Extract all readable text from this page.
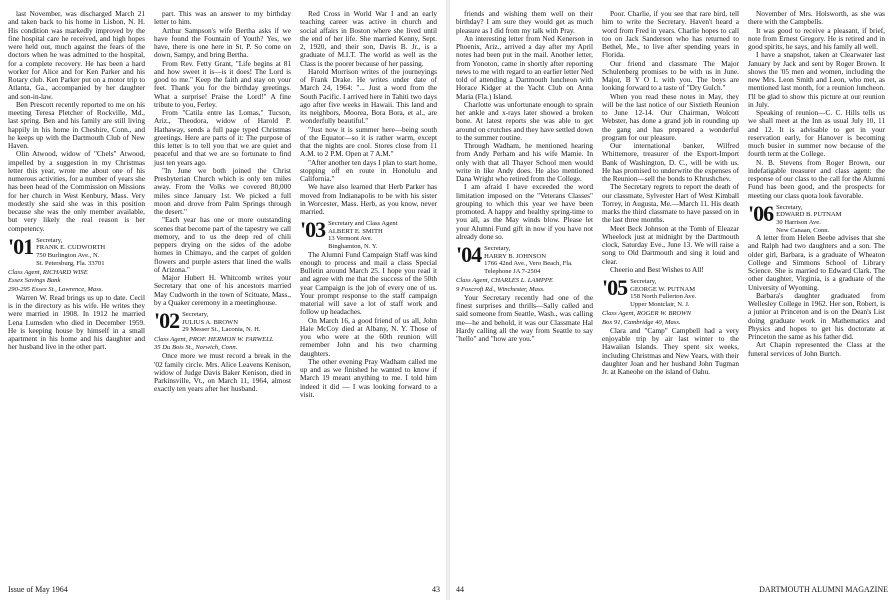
last November, was discharged March 21 and taken back to his home in Lisbon, N. H. His condition was markedly improved by the fine hospital care he received, and high hopes were held out, much against the fears of the doctors when he was admitted to the hospital, for a complete recovery. He has been a hard worker for Alice and for Ken Parker and his Rotary club. Ken Parker put on a motor trip to Atlanta, Ga., accompanied by her daughter and son-in-law.

Ben Prescott recently reported to me on his meeting Teresa Pletcher of Rockville, Md., last spring. Ben and his family are still living happily in his home in Cheshire, Conn., and he keeps up with the Dartmouth Club of New Haven.

Olin Atwood, widow of "Chels" Atwood, impelled by a suggestion in my Christmas letter this year, wrote me about one of his numerous activities, for a number of years she has been head of the Commission on Missions for her church in West Kenbury, Mass. Very modestly she said she was in this position because she was the only member available, but very likely the real reason is her competency.

'01 Secretary,
FRANK E. CUDWORTH
750 Burlington Ave., N.
St. Petersburg, Fla. 33701
Class Agent, RICHARD WISE
Essex Savings Bank
290-295 Essex St., Lawrence, Mass.

Warren W. Read brings us up to date. Cecil is in the directory as his wife. He writes they were married in 1908. In 1912 he married Lena Lumsden who died in December 1959. He is keeping house by himself in a small apartment in his home and his daughter and her husband live in the other part.

part. This was an answer to my birthday letter to him.

Arthur Sampson's wife Bertha asks if we have found the Fountain of Youth? Yes, we have, there is one here in St. P. So come on down, Sampy, and bring Bertha.

From Rev. Fetty Grant, "Life begins at 81 and how sweet it is—is it does! The Lord is good to me." Keep the faith and stay on your feet. Thank you for the birthday greetings. What a surprise! Praise the Lord!" A fine tribute to you, Ferley.

From "Catila entre las Lomas," Tucson, Ariz., Theodora, widow of Harold P. Hathaway, sends a full page typed Christmas greetings. Here are parts of it: The purpose of this letter is to tell you that we are quiet and peaceful and that we are so fortunate to find just ten years ago.

"In June we both joined the Christ Presbyterian Church which is only ten miles away. From the Volks we covered 80,000 miles since January 1st. We picked a full moon and drove from Palm Springs through the desert."

"Each year has one or more outstanding scenes that become part of the tapestry we call memory, and to us the deep red of chili peppers drying on the sides of the adobe homes in Chimayo, and the carpet of golden flowers and purple asters that lined the walls of Arizona."

Major Hubert H. Whitcomb writes your Secretary that one of his ancestors married May Cudworth in the town of Scituate, Mass., by a Quaker ceremony in a meetinghouse.

'02 Secretary,
JULIUS A. BROWN
29 Messer St., Laconia, N. H.
Class Agent, PROF. HERMON W. FARWELL
35 Du Bois St., Norwich, Conn.

Once more we must record a break in the '02 family circle. Mrs. Alice Leavens Kenison, widow of Judge Davis Baker Kenison, died in Parkinsville, Vt., on March 11, 1964, almost exactly ten years after her husband.

Red Cross in World War I and an early teaching career was active in church and social affairs in Boston where she lived until the end of her life. She married Kenny, Sept. 2, 1920, and their son, Davis B. Jr., is a graduate of M.I.T. The world as well as the Class is the poorer because of her passing.

Harold Morrison writes of the journeyings of Frank Drake. He writes under date of March 24, 1964: "... Just a word from the South Pacific. I arrived here in Tahiti two days ago after five weeks in Hawaii. This land and its neighbors, Moorea, Bora Bora, et al., are wonderfully beautiful."

"Just now it is summer here—being south of the Equator—so it is rather warm, except that the nights are cool. Stores close from 11 A.M. to 2 P.M. Open at 7 A.M."

"After another ten days I plan to start home, stopping off en route in Honolulu and California."

We have also learned that Herb Parker has moved from Indianapolis to be with his sister in Worcester, Mass. Herb, as you know, never married.

'03 Secretary and Class Agent
ALBERT E. SMITH
13 Vermont Ave.
Binghamton, N. Y.

The Alumni Fund Campaign Staff was kind enough to process and mail a class Special Bulletin around March 25. I hope you read it and agree with me that the success of the 50th year Campaign is the job of every one of us. Your prompt response to the staff campaign material will save a lot of staff work and follow up headaches.

On March 16, a good friend of us all, John Hale McCoy died at Albany, N. Y. Those of you who were at the 60th reunion will remember John and his two charming daughters.

The other evening Pray Wadham called me up and as we finished he wanted to know if March 19 meant anything to me. I told him indeed it did — I was looking forward to a visit.

Issue of May 1964	43

friends and wishing them well on their birthday? I am sure they would get as much pleasure as I did from my talk with Pray.

An interesting letter from Ned Kenerson in Phoenix, Ariz., arrived a day after my April notes had been put in the mail. Another letter, from Yonoton, came in shortly after reporting news to me with regard to an earlier letter Ned told of attending a Dartmouth luncheon with Horace Kidger at the Yacht Club on Anna Maria (Fla.) Island.

Charlotte was unfortunate enough to sprain her ankle and x-rays later showed a broken bone. At latest reports she was able to get around on crutches and they have settled down to the summer routine.

Through Wadham, he mentioned hearing from Andy Perham and his wife Mamie. In only with that all Thayer School men would write in like Andy does. He also mentioned Dana Wright who retired from the College.

I am afraid I have exceeded the word limitation imposed on the "Veterans Classes" grouping to which this year we have been promoted. A happy and healthy spring-time to you all, as the May winds blow. Please let your Alumni Fund gift in now if you have not already done so.

'04 Secretary,
HARRY B. JOHNSON
1766 42nd Ave., Vero Beach, Fla.
Telephone JA 7-2504
Class Agent, CHARLES L. LAMPPE
9 Foxcroft Rd., Winchester, Mass.

Your Secretary recently had one of the finest surprises and thrills—Sally called and said someone from Seattle, Wash., was calling me—he and behold, it was our Classmate Hal Hardy calling all the way from Seattle to say "hello" and "how are you."

Poor. Charlie, if you see that rare bird, tell him to write the Secretary. Haven't heard a word from Fred in years. Charlie hopes to call too on Jack Sanderson who has returned to Bethel, Me., to live after spending years in Florida.

Our friend and classmate The Major Schulenberg promises to be with us in June. Major, B Y O L with you. The boys are looking forward to a taste of "Dry Gulch."

When you read these notes in May, they will be the last notice of our Sixtieth Reunion to June 12-14. Our Chairman, Wolcott Webster, has done a grand job in rounding up the gang and has prepared a wonderful program for our pleasure.

Our international banker, Wilfred Whittemore, treasurer of the Export-Import Bank of Washington, D. C., will be with us. He has promised to underwrite the expenses of the Reunion—sell the bonds to Khrushchev.

The Secretary regrets to report the death of our classmate, Sylvester Hart of West Kimball Torrey, in Augusta, Me.—March 11. His death marks the third classmate to have passed on in the last three months.

Meet Beck Johnson at the Tomb of Eleazar Wheelock just at midnight by the Dartmouth clock, Saturday Eve., June 13. We will raise a song to Old Dartmouth and sing it loud and clear.

Cheerio and Best Wishes to All!

'05 Secretary,
GEORGE W. PUTNAM
158 North Fullerton Ave.
Upper Montclair, N. J.
Class Agent, ROGER W. BROWN
Box 91, Cambridge 40, Mass.

Clara and "Camp" Campbell had a very enjoyable trip by air last winter to the Hawaiian Islands. They spent six weeks, including Christmas and New Years, with their daughter Joan and her husband John Tugman Jr. at Kaneohe on the island of Oahu.

November of Mrs. Holsworth, as she was there with the Campbells.

It was good to receive a pleasant, if brief, note from Ernest Gregory. He is retired and in good spirits, he says, and his family all well.

I have a snapshot, taken at Clearwater last January by Jack and sent by Roger Brown. It shows the '05 men and women, including the new Mrs. Leon Smith and Leon, who met, as mentioned last month, for a reunion luncheon. I'll be glad to show this picture at our reunion in July.

Speaking of reunion—C. C. Hills tells us we shall meet at the Inn as usual July 10, 11 and 12. It is advisable to get in your reservation early, for Hanover is becoming much busier in summer now because of the fourth term at the College.

N. B. Stevens from Roger Brown, our indefatigable treasurer and class agent: the response of our class to the call for the Alumni Fund has been good, and the prospects for meeting our class quota look favorable.

'06 Secretary,
EDWARD B. PUTNAM
30 Harrison Ave.
New Canaan, Conn.

A letter from Helen Beebe advises that she and Ralph had two daughters and a son. The older girl, Barbara, is a graduate of Wheaton College and Simmons School of Library Science. She is married to Edward Clark. The other daughter, Virginia, is a graduate of the University of Wyoming.

Barbara's daughter graduated from Wellesley College in 1962. Her son, Robert, is a junior at Princeton and is on the Dean's List doing graduate work in Mathematics and Physics and hopes to get his doctorate at Princeton the same as his father did.

Art Chapin represented the Class at the funeral services of John Burtch.

44	DARTMOUTH ALUMNI MAGAZINE
